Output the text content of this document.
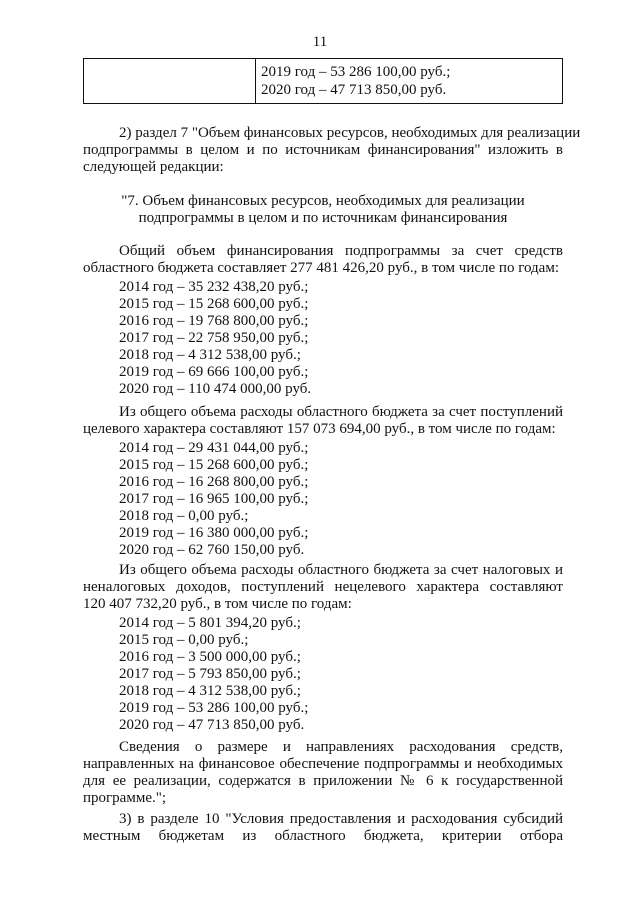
11
2019 год – 53 286 100,00 руб.;
2020 год – 47 713 850,00 руб.
2) раздел 7 "Объем финансовых ресурсов, необходимых для реализации
подпрограммы в целом и по источникам финансирования" изложить в
следующей редакции:
"7. Объем финансовых ресурсов, необходимых для реализации
подпрограммы в целом и по источникам финансирования
Общий объем финансирования подпрограммы за счет средств
областного бюджета составляет 277 481 426,20 руб., в том числе по годам:
2014 год – 35 232 438,20 руб.;
2015 год – 15 268 600,00 руб.;
2016 год – 19 768 800,00 руб.;
2017 год – 22 758 950,00 руб.;
2018 год – 4 312 538,00 руб.;
2019 год – 69 666 100,00 руб.;
2020 год – 110 474 000,00 руб.
Из общего объема расходы областного бюджета за счет поступлений
целевого характера составляют 157 073 694,00 руб., в том числе по годам:
2014 год – 29 431 044,00 руб.;
2015 год – 15 268 600,00 руб.;
2016 год – 16 268 800,00 руб.;
2017 год – 16 965 100,00 руб.;
2018 год – 0,00 руб.;
2019 год – 16 380 000,00 руб.;
2020 год – 62 760 150,00 руб.
Из общего объема расходы областного бюджета за счет налоговых и
неналоговых доходов, поступлений нецелевого характера составляют
120 407 732,20 руб., в том числе по годам:
2014 год – 5 801 394,20 руб.;
2015 год – 0,00 руб.;
2016 год – 3 500 000,00 руб.;
2017 год – 5 793 850,00 руб.;
2018 год – 4 312 538,00 руб.;
2019 год – 53 286 100,00 руб.;
2020 год – 47 713 850,00 руб.
Сведения о размере и направлениях расходования средств,
направленных на финансовое обеспечение подпрограммы и необходимых
для ее реализации, содержатся в приложении № 6 к государственной
программе.";
3) в разделе 10 "Условия предоставления и расходования субсидий
местным бюджетам из областного бюджета, критерии отбора
